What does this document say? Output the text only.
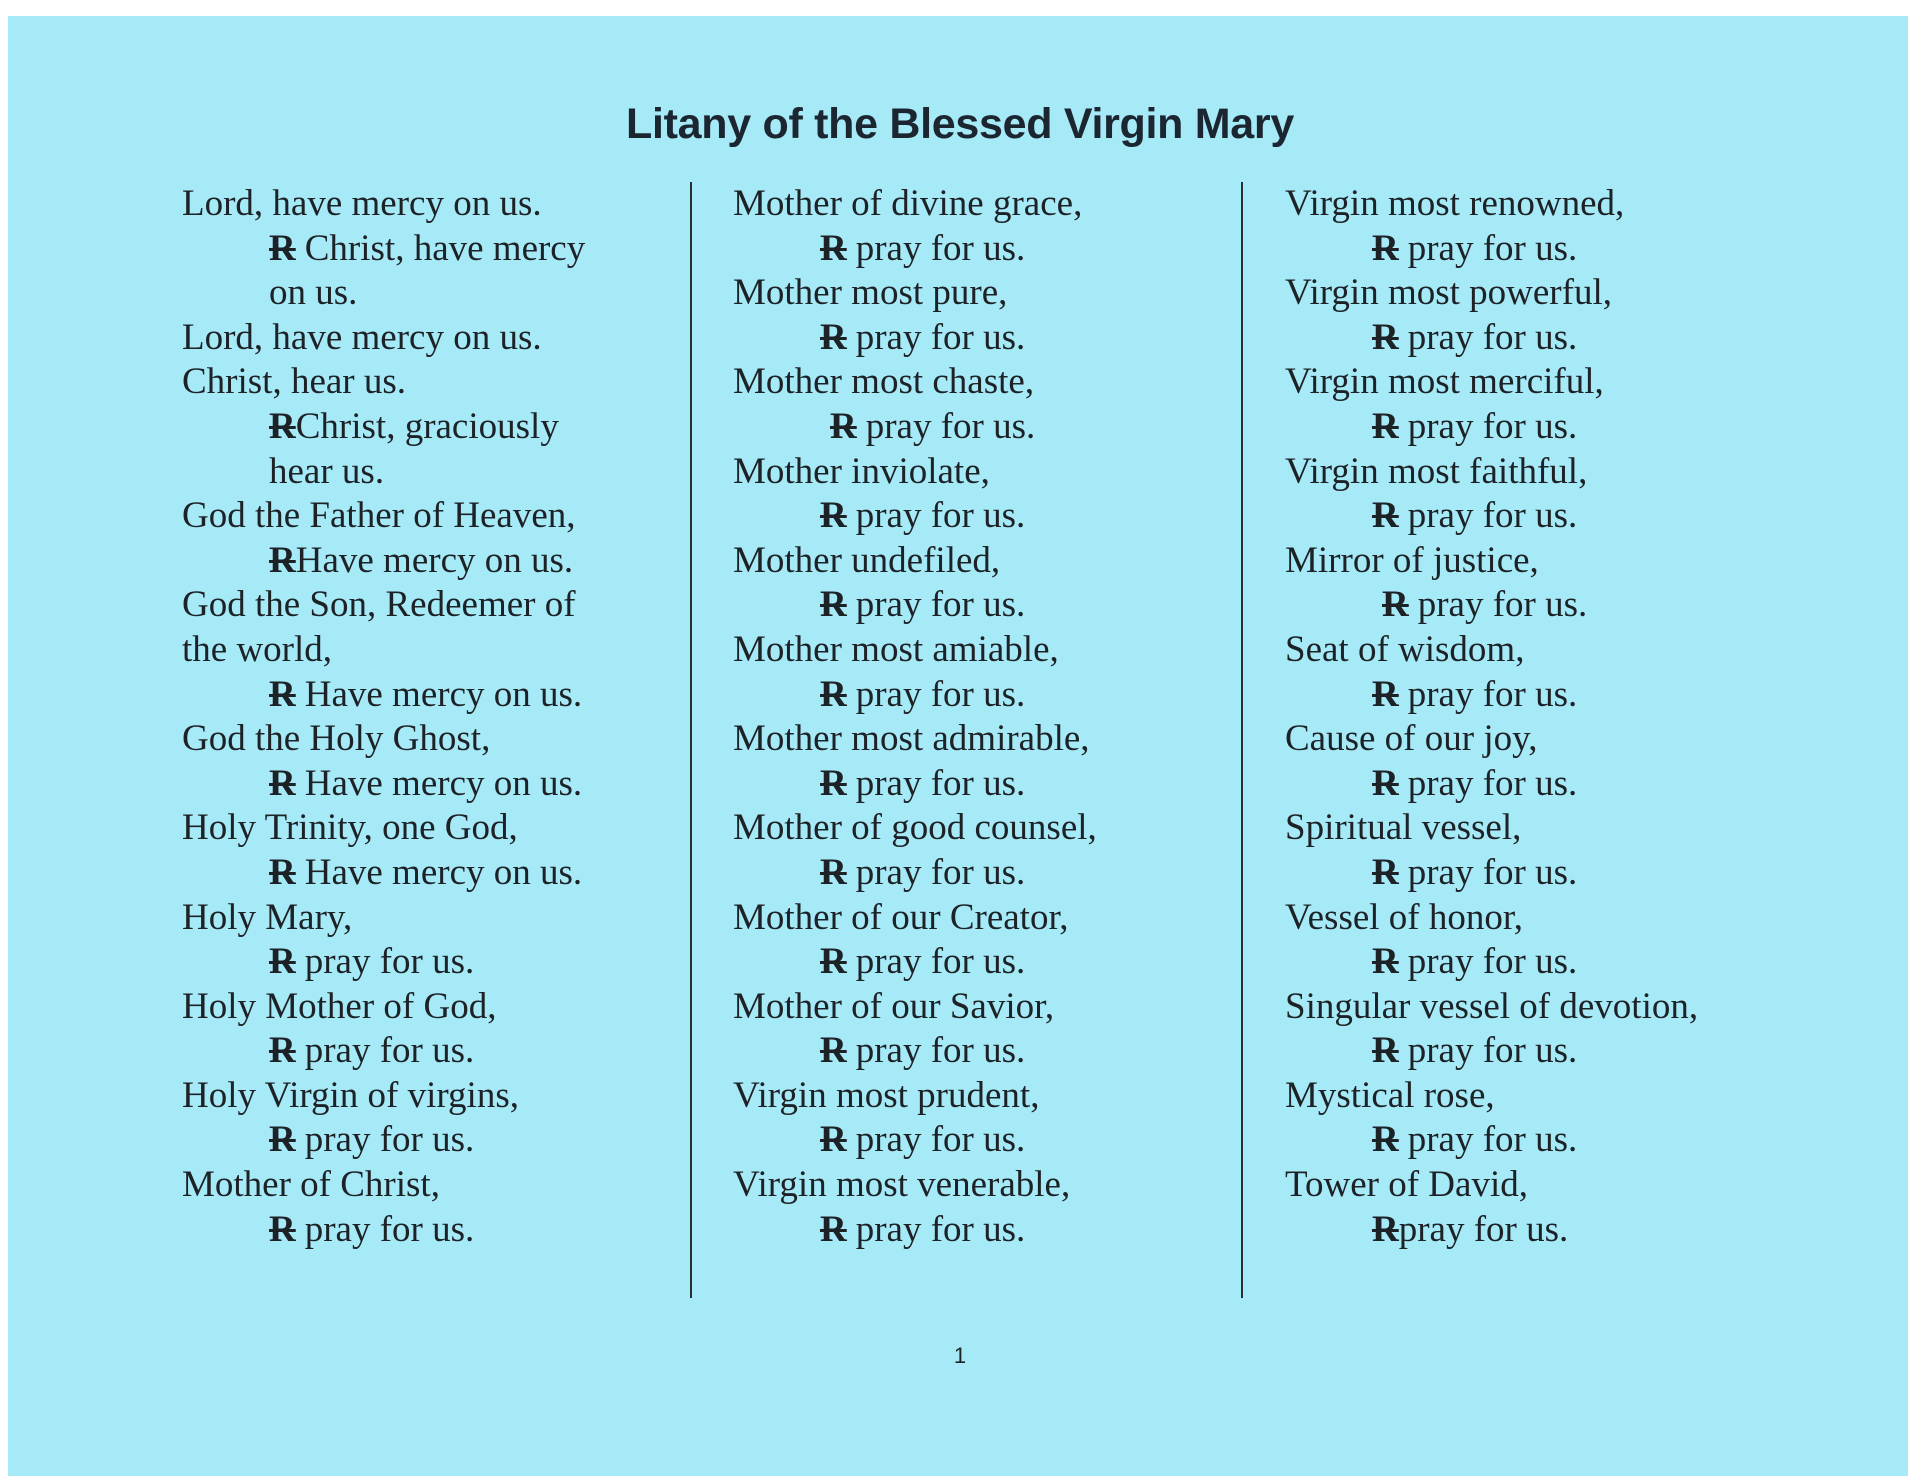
Litany of the Blessed Virgin Mary
Lord, have mercy on us.
R Christ, have mercy
on us.
Lord, have mercy on us.
Christ, hear us.
RChrist, graciously
hear us.
God the Father of Heaven,
RHave mercy on us.
God the Son, Redeemer of
the world,
R Have mercy on us.
God the Holy Ghost,
R Have mercy on us.
Holy Trinity, one God,
R Have mercy on us.
Holy Mary,
R pray for us.
Holy Mother of God,
R pray for us.
Holy Virgin of virgins,
R pray for us.
Mother of Christ,
R pray for us.
Mother of divine grace,
R pray for us.
Mother most pure,
R pray for us.
Mother most chaste,
R pray for us.
Mother inviolate,
R pray for us.
Mother undefiled,
R pray for us.
Mother most amiable,
R pray for us.
Mother most admirable,
R pray for us.
Mother of good counsel,
R pray for us.
Mother of our Creator,
R pray for us.
Mother of our Savior,
R pray for us.
Virgin most prudent,
R pray for us.
Virgin most venerable,
R pray for us.
Virgin most renowned,
R pray for us.
Virgin most powerful,
R pray for us.
Virgin most merciful,
R pray for us.
Virgin most faithful,
R pray for us.
Mirror of justice,
R pray for us.
Seat of wisdom,
R pray for us.
Cause of our joy,
R pray for us.
Spiritual vessel,
R pray for us.
Vessel of honor,
R pray for us.
Singular vessel of devotion,
R pray for us.
Mystical rose,
R pray for us.
Tower of David,
Rpray for us.
1
